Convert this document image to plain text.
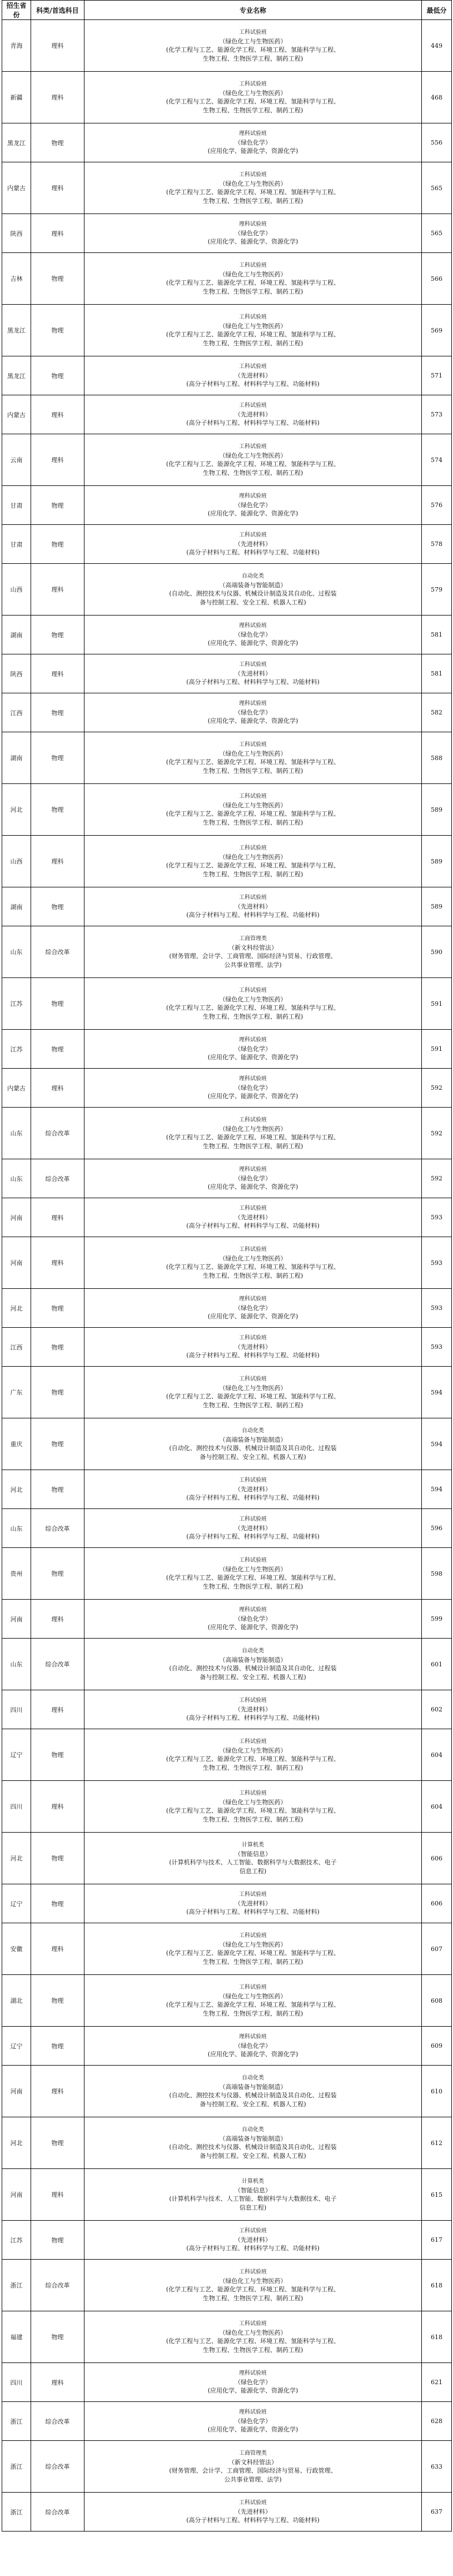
招生省份	科类/首选科目	专业名称	最低分
青海	理科	工科试验班
（绿色化工与生物医药）
(化学工程与工艺、能源化学工程、环境工程、氢能科学与工程、
生物工程、生物医学工程、制药工程)	449
新疆	理科	工科试验班
（绿色化工与生物医药）
(化学工程与工艺、能源化学工程、环境工程、氢能科学与工程、
生物工程、生物医学工程、制药工程)	468
黑龙江	物理	理科试验班
（绿色化学）
(应用化学、能源化学、资源化学)	556
内蒙古	理科	工科试验班
（绿色化工与生物医药）
(化学工程与工艺、能源化学工程、环境工程、氢能科学与工程、
生物工程、生物医学工程、制药工程)	565
陕西	理科	理科试验班
（绿色化学）
(应用化学、能源化学、资源化学)	565
吉林	物理	工科试验班
（绿色化工与生物医药）
(化学工程与工艺、能源化学工程、环境工程、氢能科学与工程、
生物工程、生物医学工程、制药工程)	566
黑龙江	物理	工科试验班
（绿色化工与生物医药）
(化学工程与工艺、能源化学工程、环境工程、氢能科学与工程、
生物工程、生物医学工程、制药工程)	569
黑龙江	物理	工科试验班
（先进材料）
(高分子材料与工程、材料科学与工程、功能材料)	571
内蒙古	理科	工科试验班
（先进材料）
(高分子材料与工程、材料科学与工程、功能材料)	573
云南	理科	工科试验班
（绿色化工与生物医药）
(化学工程与工艺、能源化学工程、环境工程、氢能科学与工程、
生物工程、生物医学工程、制药工程)	574
甘肃	物理	理科试验班
（绿色化学）
(应用化学、能源化学、资源化学)	576
甘肃	物理	工科试验班
（先进材料）
(高分子材料与工程、材料科学与工程、功能材料)	578
山西	理科	自动化类
（高端装备与智能制造）
(自动化、测控技术与仪器、机械设计制造及其自动化、过程装
备与控制工程、安全工程、机器人工程)	579
湖南	物理	理科试验班
（绿色化学）
(应用化学、能源化学、资源化学)	581
陕西	理科	工科试验班
（先进材料）
(高分子材料与工程、材料科学与工程、功能材料)	581
江西	物理	理科试验班
（绿色化学）
(应用化学、能源化学、资源化学)	582
湖南	物理	工科试验班
（绿色化工与生物医药）
(化学工程与工艺、能源化学工程、环境工程、氢能科学与工程、
生物工程、生物医学工程、制药工程)	588
河北	物理	工科试验班
（绿色化工与生物医药）
(化学工程与工艺、能源化学工程、环境工程、氢能科学与工程、
生物工程、生物医学工程、制药工程)	589
山西	理科	工科试验班
（绿色化工与生物医药）
(化学工程与工艺、能源化学工程、环境工程、氢能科学与工程、
生物工程、生物医学工程、制药工程)	589
湖南	物理	工科试验班
（先进材料）
(高分子材料与工程、材料科学与工程、功能材料)	589
山东	综合改革	工商管理类
（新文科经管法）
(财务管理、会计学、工商管理、国际经济与贸易、行政管理、
公共事业管理、法学)	590
江苏	物理	工科试验班
（绿色化工与生物医药）
(化学工程与工艺、能源化学工程、环境工程、氢能科学与工程、
生物工程、生物医学工程、制药工程)	591
江苏	物理	理科试验班
（绿色化学）
(应用化学、能源化学、资源化学)	591
内蒙古	理科	理科试验班
（绿色化学）
(应用化学、能源化学、资源化学)	592
山东	综合改革	工科试验班
（绿色化工与生物医药）
(化学工程与工艺、能源化学工程、环境工程、氢能科学与工程、
生物工程、生物医学工程、制药工程)	592
山东	综合改革	理科试验班
（绿色化学）
(应用化学、能源化学、资源化学)	592
河南	理科	工科试验班
（先进材料）
(高分子材料与工程、材料科学与工程、功能材料)	593
河南	理科	工科试验班
（绿色化工与生物医药）
(化学工程与工艺、能源化学工程、环境工程、氢能科学与工程、
生物工程、生物医学工程、制药工程)	593
河北	物理	理科试验班
（绿色化学）
(应用化学、能源化学、资源化学)	593
江西	物理	工科试验班
（先进材料）
(高分子材料与工程、材料科学与工程、功能材料)	593
广东	物理	工科试验班
（绿色化工与生物医药）
(化学工程与工艺、能源化学工程、环境工程、氢能科学与工程、
生物工程、生物医学工程、制药工程)	594
重庆	物理	自动化类
（高端装备与智能制造）
(自动化、测控技术与仪器、机械设计制造及其自动化、过程装
备与控制工程、安全工程、机器人工程)	594
河北	物理	工科试验班
（先进材料）
(高分子材料与工程、材料科学与工程、功能材料)	594
山东	综合改革	工科试验班
（先进材料）
(高分子材料与工程、材料科学与工程、功能材料)	596
贵州	物理	工科试验班
（绿色化工与生物医药）
(化学工程与工艺、能源化学工程、环境工程、氢能科学与工程、
生物工程、生物医学工程、制药工程)	598
河南	理科	理科试验班
（绿色化学）
(应用化学、能源化学、资源化学)	599
山东	综合改革	自动化类
（高端装备与智能制造）
(自动化、测控技术与仪器、机械设计制造及其自动化、过程装
备与控制工程、安全工程、机器人工程)	601
四川	理科	工科试验班
（先进材料）
(高分子材料与工程、材料科学与工程、功能材料)	602
辽宁	物理	工科试验班
（绿色化工与生物医药）
(化学工程与工艺、能源化学工程、环境工程、氢能科学与工程、
生物工程、生物医学工程、制药工程)	604
四川	理科	工科试验班
（绿色化工与生物医药）
(化学工程与工艺、能源化学工程、环境工程、氢能科学与工程、
生物工程、生物医学工程、制药工程)	604
河北	物理	计算机类
（智能信息）
(计算机科学与技术、人工智能、数据科学与大数据技术、电子
信息工程)	606
辽宁	物理	工科试验班
（先进材料）
(高分子材料与工程、材料科学与工程、功能材料)	606
安徽	理科	工科试验班
（绿色化工与生物医药）
(化学工程与工艺、能源化学工程、环境工程、氢能科学与工程、
生物工程、生物医学工程、制药工程)	607
湖北	物理	工科试验班
（绿色化工与生物医药）
(化学工程与工艺、能源化学工程、环境工程、氢能科学与工程、
生物工程、生物医学工程、制药工程)	608
辽宁	物理	理科试验班
（绿色化学）
(应用化学、能源化学、资源化学)	609
河南	理科	自动化类
（高端装备与智能制造）
(自动化、测控技术与仪器、机械设计制造及其自动化、过程装
备与控制工程、安全工程、机器人工程)	610
河北	物理	自动化类
（高端装备与智能制造）
(自动化、测控技术与仪器、机械设计制造及其自动化、过程装
备与控制工程、安全工程、机器人工程)	612
河南	理科	计算机类
（智能信息）
(计算机科学与技术、人工智能、数据科学与大数据技术、电子
信息工程)	615
江苏	物理	工科试验班
（先进材料）
(高分子材料与工程、材料科学与工程、功能材料)	617
浙江	综合改革	工科试验班
（绿色化工与生物医药）
(化学工程与工艺、能源化学工程、环境工程、氢能科学与工程、
生物工程、生物医学工程、制药工程)	618
福建	物理	工科试验班
（绿色化工与生物医药）
(化学工程与工艺、能源化学工程、环境工程、氢能科学与工程、
生物工程、生物医学工程、制药工程)	618
四川	理科	理科试验班
（绿色化学）
(应用化学、能源化学、资源化学)	621
浙江	综合改革	理科试验班
（绿色化学）
(应用化学、能源化学、资源化学)	628
浙江	综合改革	工商管理类
（新文科经管法）
(财务管理、会计学、工商管理、国际经济与贸易、行政管理、
公共事业管理、法学)	633
浙江	综合改革	工科试验班
（先进材料）
(高分子材料与工程、材料科学与工程、功能材料)	637
